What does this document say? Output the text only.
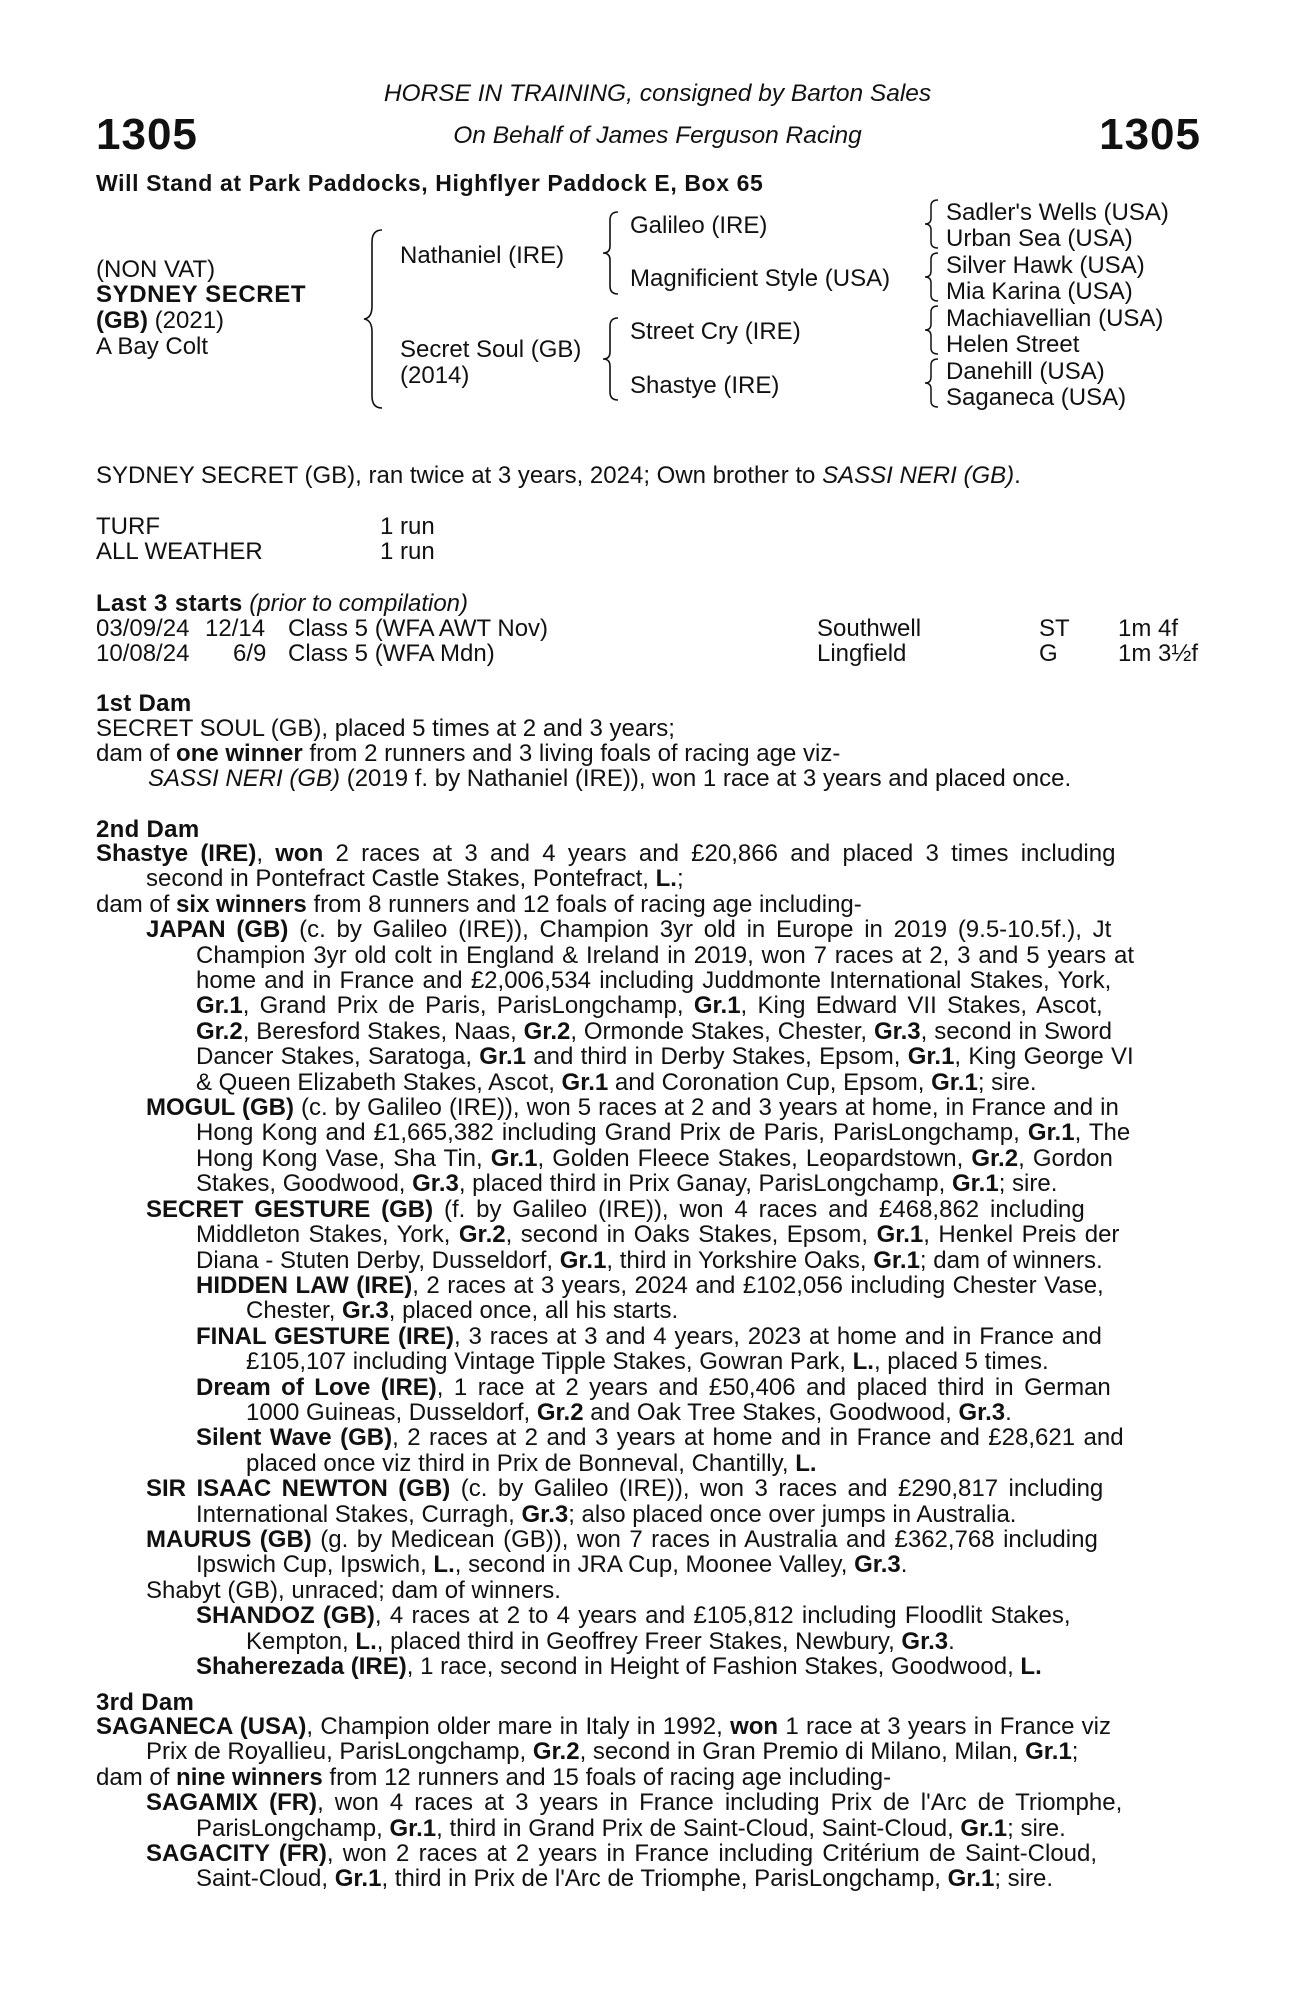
1305	1305
HORSE IN TRAINING, consigned by Barton Sales
On Behalf of James Ferguson Racing
Will Stand at Park Paddocks, Highflyer Paddock E, Box 65
(NON VAT)
SYDNEY SECRET
(GB) (2021)
A Bay Colt
Nathaniel (IRE)
Secret Soul (GB)
(2014)
Galileo (IRE)
Magnificient Style (USA)
Street Cry (IRE)
Shastye (IRE)
Sadler's Wells (USA)
Urban Sea (USA)
Silver Hawk (USA)
Mia Karina (USA)
Machiavellian (USA)
Helen Street
Danehill (USA)
Saganeca (USA)
SYDNEY SECRET (GB), ran twice at 3 years, 2024; Own brother to SASSI NERI (GB).
TURF	1 run
ALL WEATHER	1 run
Last 3 starts (prior to compilation)
03/09/24 12/14 Class 5 (WFA AWT Nov)	Southwell	ST 1m 4f
10/08/24 6/9 Class 5 (WFA Mdn)	Lingfield	G	1m 3½f
1st Dam
SECRET SOUL (GB), placed 5 times at 2 and 3 years;
dam of one winner from 2 runners and 3 living foals of racing age viz-
SASSI NERI (GB) (2019 f. by Nathaniel (IRE)), won 1 race at 3 years and placed once.
2nd Dam
Shastye (IRE), won 2 races at 3 and 4 years and £20,866 and placed 3 times including
second in Pontefract Castle Stakes, Pontefract, L.;
dam of six winners from 8 runners and 12 foals of racing age including-
JAPAN (GB) (c. by Galileo (IRE)), Champion 3yr old in Europe in 2019 (9.5-10.5f.), Jt
Champion 3yr old colt in England & Ireland in 2019, won 7 races at 2, 3 and 5 years at
home and in France and £2,006,534 including Juddmonte International Stakes, York,
Gr.1, Grand Prix de Paris, ParisLongchamp, Gr.1, King Edward VII Stakes, Ascot,
Gr.2, Beresford Stakes, Naas, Gr.2, Ormonde Stakes, Chester, Gr.3, second in Sword
Dancer Stakes, Saratoga, Gr.1 and third in Derby Stakes, Epsom, Gr.1, King George VI
& Queen Elizabeth Stakes, Ascot, Gr.1 and Coronation Cup, Epsom, Gr.1; sire.
MOGUL (GB) (c. by Galileo (IRE)), won 5 races at 2 and 3 years at home, in France and in
Hong Kong and £1,665,382 including Grand Prix de Paris, ParisLongchamp, Gr.1, The
Hong Kong Vase, Sha Tin, Gr.1, Golden Fleece Stakes, Leopardstown, Gr.2, Gordon
Stakes, Goodwood, Gr.3, placed third in Prix Ganay, ParisLongchamp, Gr.1; sire.
SECRET GESTURE (GB) (f. by Galileo (IRE)), won 4 races and £468,862 including
Middleton Stakes, York, Gr.2, second in Oaks Stakes, Epsom, Gr.1, Henkel Preis der
Diana - Stuten Derby, Dusseldorf, Gr.1, third in Yorkshire Oaks, Gr.1; dam of winners.
HIDDEN LAW (IRE), 2 races at 3 years, 2024 and £102,056 including Chester Vase,
Chester, Gr.3, placed once, all his starts.
FINAL GESTURE (IRE), 3 races at 3 and 4 years, 2023 at home and in France and
£105,107 including Vintage Tipple Stakes, Gowran Park, L., placed 5 times.
Dream of Love (IRE), 1 race at 2 years and £50,406 and placed third in German
1000 Guineas, Dusseldorf, Gr.2 and Oak Tree Stakes, Goodwood, Gr.3.
Silent Wave (GB), 2 races at 2 and 3 years at home and in France and £28,621 and
placed once viz third in Prix de Bonneval, Chantilly, L.
SIR ISAAC NEWTON (GB) (c. by Galileo (IRE)), won 3 races and £290,817 including
International Stakes, Curragh, Gr.3; also placed once over jumps in Australia.
MAURUS (GB) (g. by Medicean (GB)), won 7 races in Australia and £362,768 including
Ipswich Cup, Ipswich, L., second in JRA Cup, Moonee Valley, Gr.3.
Shabyt (GB), unraced; dam of winners.
SHANDOZ (GB), 4 races at 2 to 4 years and £105,812 including Floodlit Stakes,
Kempton, L., placed third in Geoffrey Freer Stakes, Newbury, Gr.3.
Shaherezada (IRE), 1 race, second in Height of Fashion Stakes, Goodwood, L.
3rd Dam
SAGANECA (USA), Champion older mare in Italy in 1992, won 1 race at 3 years in France viz
Prix de Royallieu, ParisLongchamp, Gr.2, second in Gran Premio di Milano, Milan, Gr.1;
dam of nine winners from 12 runners and 15 foals of racing age including-
SAGAMIX (FR), won 4 races at 3 years in France including Prix de l'Arc de Triomphe,
ParisLongchamp, Gr.1, third in Grand Prix de Saint-Cloud, Saint-Cloud, Gr.1; sire.
SAGACITY (FR), won 2 races at 2 years in France including Critérium de Saint-Cloud,
Saint-Cloud, Gr.1, third in Prix de l'Arc de Triomphe, ParisLongchamp, Gr.1; sire.
